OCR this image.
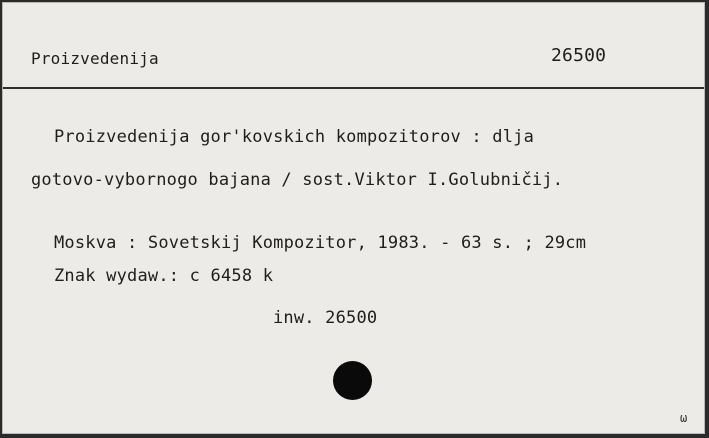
Proizvedenija	26500
Proizvedenija gor'kovskich kompozitorov : dlja
gotovo-vybornogo bajana / sost.Viktor I.Golubničij.
Moskva : Sovetskij Kompozitor, 1983. - 63 s. ; 29cm
Znak wydaw.: c 6458 k
inw. 26500
ω
